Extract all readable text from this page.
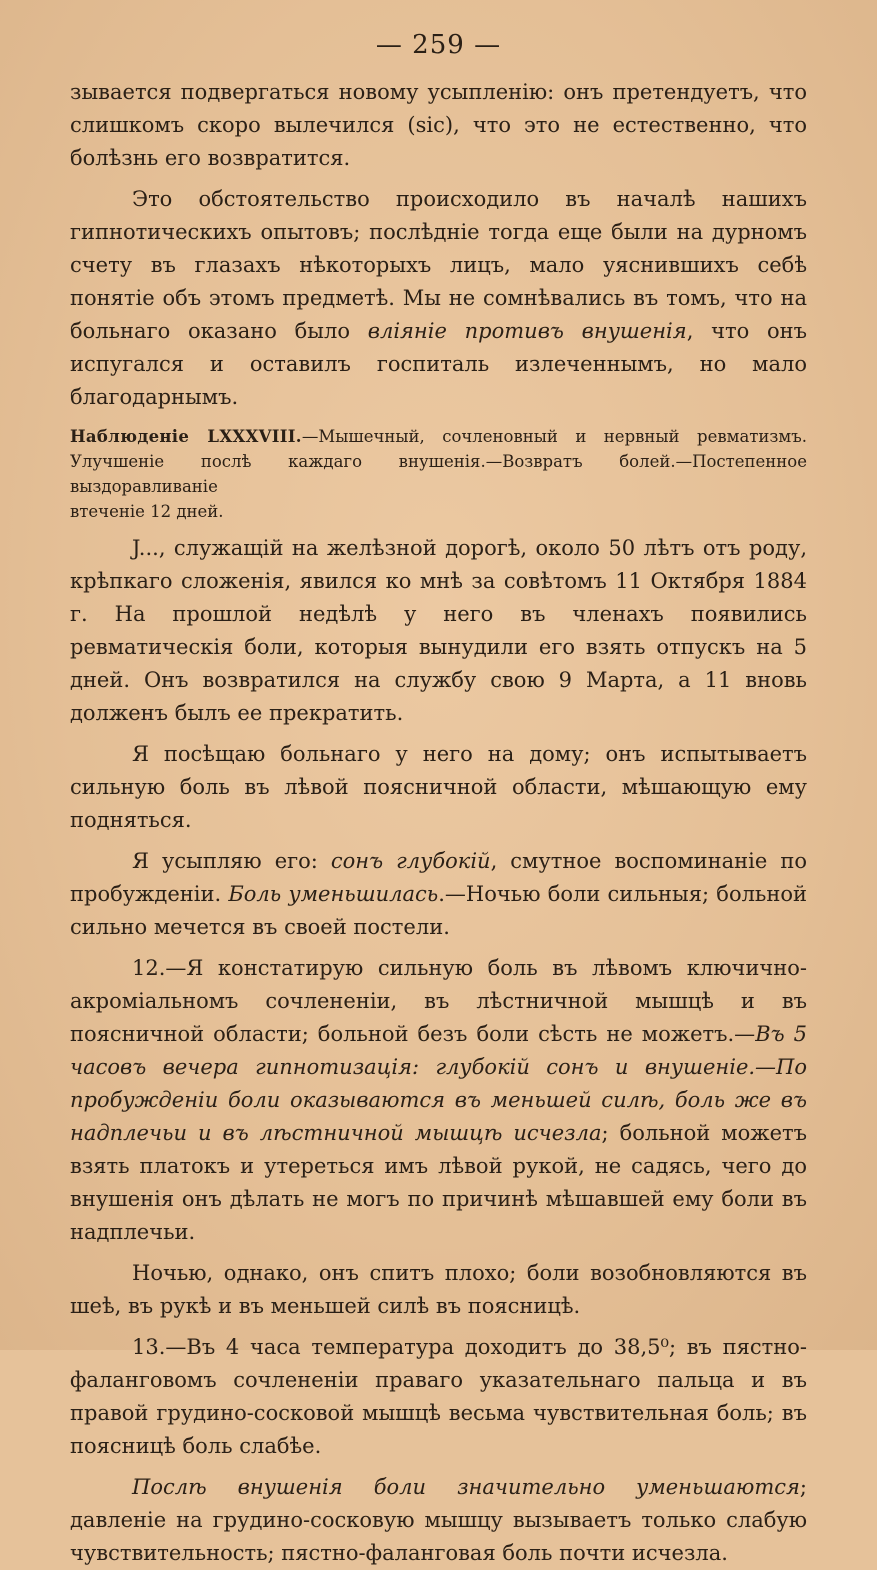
— 259 —

зывается подвергаться новому усыпленію: онъ претендуетъ, что слишкомъ скоро вылечился (sic), что это не естественно, что болѣзнь его возвратится.

Это обстоятельство происходило въ началѣ нашихъ гипнотическихъ опытовъ; послѣдніе тогда еще были на дурномъ счету въ глазахъ нѣкоторыхъ лицъ, мало уяснившихъ себѣ понятіе объ этомъ предметѣ. Мы не сомнѣвались въ томъ, что на больнаго оказано было вліяніе противъ внушенія, что онъ испугался и оставилъ госпиталь излеченнымъ, но мало благодарнымъ.

Наблюденіе LXXXVIII.—Мышечный, сочленовный и нервный ревматизмъ. Улучшеніе послѣ каждаго внушенія.—Возвратъ болей.—Постепенное выздоравливаніе
втеченіе 12 дней.

J..., служащій на желѣзной дорогѣ, около 50 лѣтъ отъ роду, крѣпкаго сложенія, явился ко мнѣ за совѣтомъ 11 Октября 1884 г. На прошлой недѣлѣ у него въ членахъ появились ревматическія боли, которыя вынудили его взять отпускъ на 5 дней. Онъ возвратился на службу свою 9 Марта, а 11 вновь долженъ былъ ее прекратить.

Я посѣщаю больнаго у него на дому; онъ испытываетъ сильную боль въ лѣвой поясничной области, мѣшающую ему подняться.

Я усыпляю его: сонъ глубокій, смутное воспоминаніе по пробужденіи. Боль уменьшилась.—Ночью боли сильныя; больной сильно мечется въ своей постели.

12.—Я констатирую сильную боль въ лѣвомъ ключично-акроміальномъ сочлененіи, въ лѣстничной мышцѣ и въ поясничной области; больной безъ боли сѣсть не можетъ.—Въ 5 часовъ вечера гипнотизація: глубокій сонъ и внушеніе.—По пробужденіи боли оказываются въ меньшей силѣ, боль же въ надплечьи и въ лѣстничной мышцѣ исчезла; больной можетъ взять платокъ и утереться имъ лѣвой рукой, не садясь, чего до внушенія онъ дѣлать не могъ по причинѣ мѣшавшей ему боли въ надплечьи.

Ночью, однако, онъ спитъ плохо; боли возобновляются въ шеѣ, въ рукѣ и въ меньшей силѣ въ поясницѣ.

13.—Въ 4 часа температура доходитъ до 38,5⁰; въ пястно-фаланговомъ сочлененіи праваго указательнаго пальца и въ правой грудино-сосковой мышцѣ весьма чувствительная боль; въ поясницѣ боль слабѣе.

Послѣ внушенія боли значительно уменьшаются; давленіе на грудино-сосковую мышцу вызываетъ только слабую чувствительность; пястно-фаланговая боль почти исчезла.
